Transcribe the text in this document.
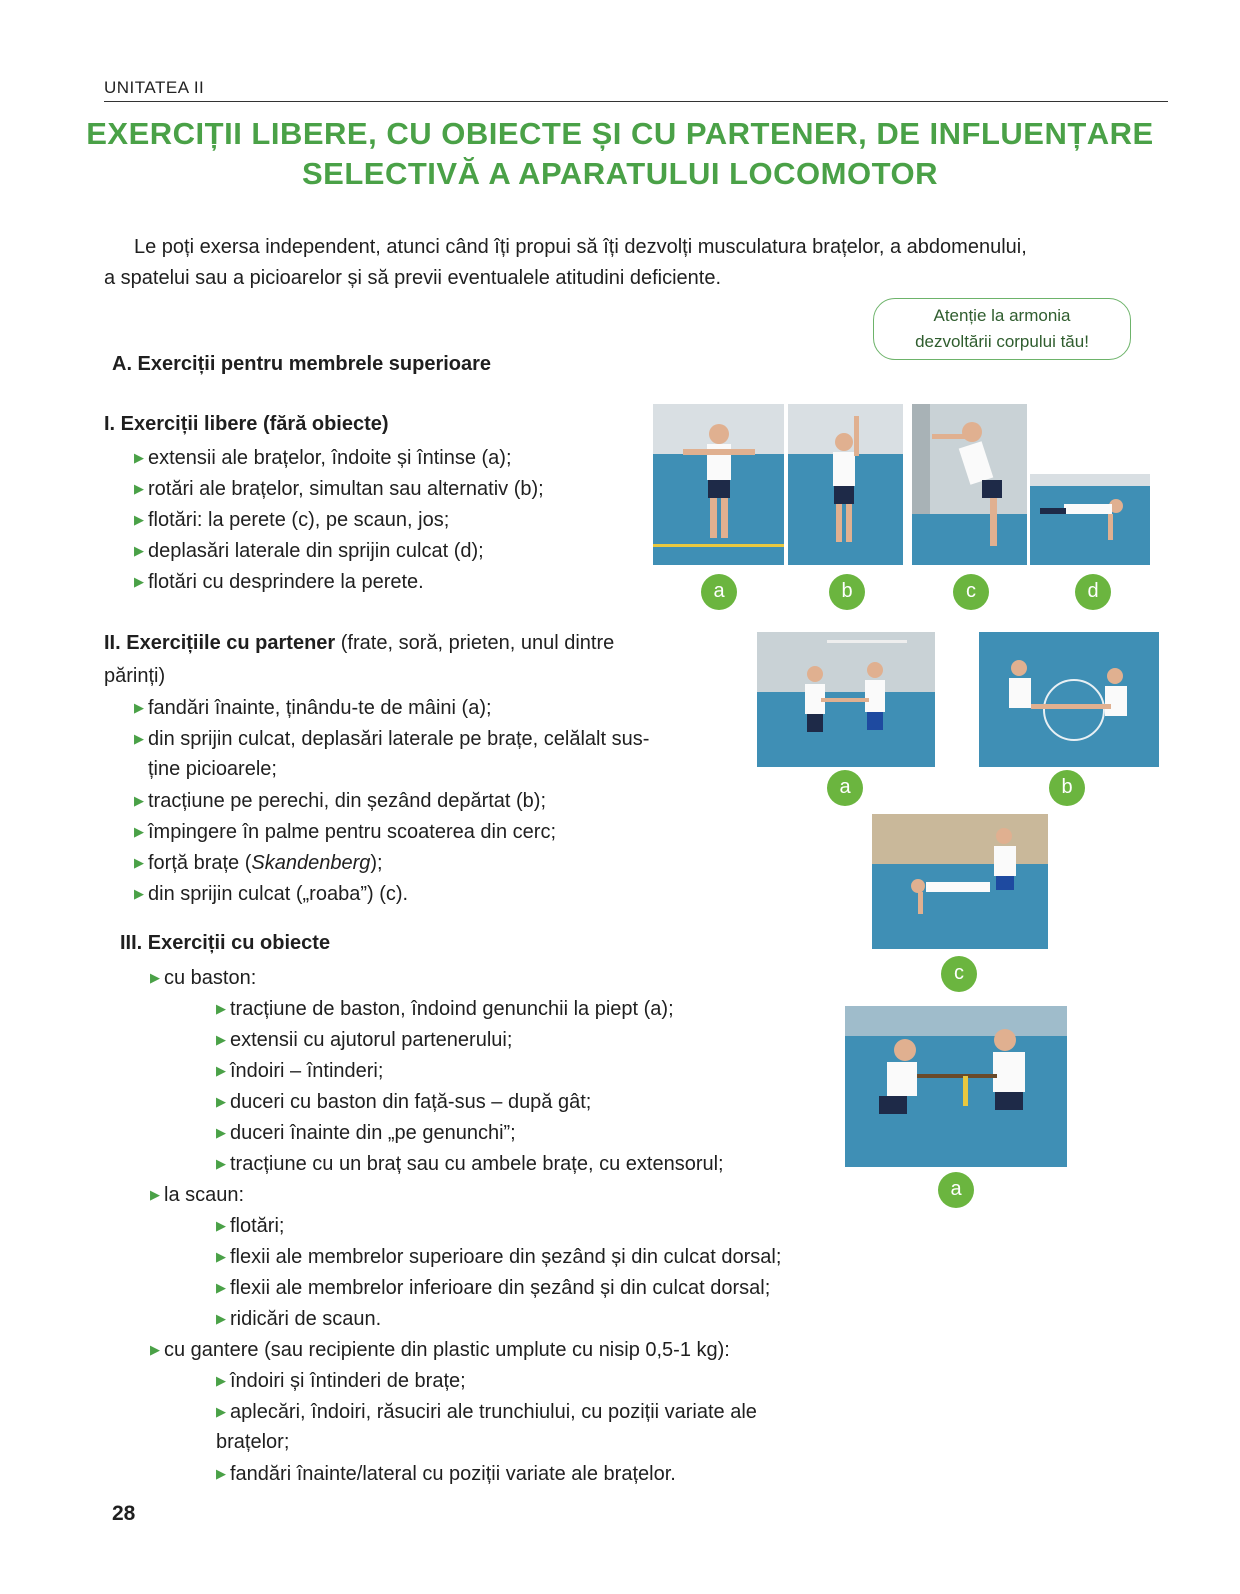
UNITATEA II
EXERCIȚII LIBERE, CU OBIECTE ȘI CU PARTENER, DE INFLUENȚARE
SELECTIVĂ A APARATULUI LOCOMOTOR
Le poți exersa independent, atunci când îți propui să îți dezvolți musculatura brațelor, a abdomenului,
a spatelui sau a picioarelor și să previi eventualele atitudini deficiente.
Atenție la armonia
dezvoltării corpului tău!
A. Exerciții pentru membrele superioare
I. Exerciții libere (fără obiecte)
▶ extensii ale brațelor, îndoite și întinse (a);
▶ rotări ale brațelor, simultan sau alternativ (b);
▶ flotări: la perete (c), pe scaun, jos;
▶ deplasări laterale din sprijin culcat (d);
▶ flotări cu desprindere la perete.	a	b	c	d
II. Exercițiile cu partener (frate, soră, prieten, unul dintre
părinți)
▶ fandări înainte, ținându-te de mâini (a);
▶ din sprijin culcat, deplasări laterale pe brațe, celălalt sus-
ține picioarele;
▶ tracțiune pe perechi, din șezând depărtat (b);
▶ împingere în palme pentru scoaterea din cerc;
▶ forță brațe (Skandenberg);
▶ din sprijin culcat („roaba”) (c).
a	b
c
III. Exerciții cu obiecte
▶ cu baston:
▶ tracțiune de baston, îndoind genunchii la piept (a);
▶ extensii cu ajutorul partenerului;
▶ îndoiri – întinderi;
▶ duceri cu baston din față-sus – după gât;
▶ duceri înainte din „pe genunchi”;
▶ tracțiune cu un braț sau cu ambele brațe, cu extensorul;
▶ la scaun:
▶ flotări;
▶ flexii ale membrelor superioare din șezând și din culcat dorsal;
▶ flexii ale membrelor inferioare din șezând și din culcat dorsal;
▶ ridicări de scaun.
▶ cu gantere (sau recipiente din plastic umplute cu nisip 0,5-1 kg):
▶ îndoiri și întinderi de brațe;
▶ aplecări, îndoiri, răsuciri ale trunchiului, cu poziții variate ale
brațelor;
▶ fandări înainte/lateral cu poziții variate ale brațelor.
a
28
